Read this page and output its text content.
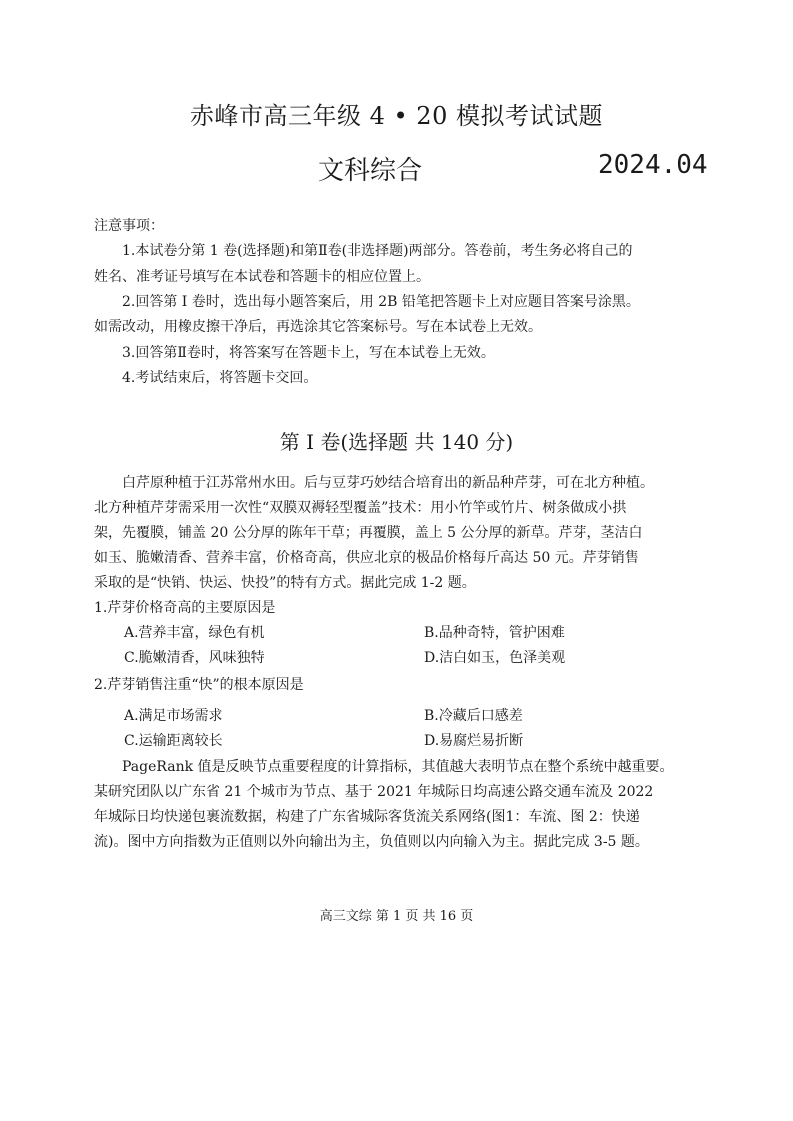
赤峰市高三年级 4 • 20 模拟考试试题
文科综合	2024.04
注意事项：
1.本试卷分第 1 卷(选择题)和第Ⅱ卷(非选择题)两部分。答卷前，考生务必将自己的
姓名、准考证号填写在本试卷和答题卡的相应位置上。
2.回答第 I 卷时，选出每小题答案后，用 2B 铅笔把答题卡上对应题目答案号涂黑。
如需改动，用橡皮擦干净后，再选涂其它答案标号。写在本试卷上无效。
3.回答第Ⅱ卷时，将答案写在答题卡上，写在本试卷上无效。
4.考试结束后，将答题卡交回。
第 I 卷(选择题 共 140 分)
白芹原种植于江苏常州水田。后与豆芽巧妙结合培育出的新品种芹芽，可在北方种植。
北方种植芹芽需采用一次性“双膜双褥轻型覆盖”技术：用小竹竿或竹片、树条做成小拱
架，先覆膜，铺盖 20 公分厚的陈年干草；再覆膜，盖上 5 公分厚的新草。芹芽，茎洁白
如玉、脆嫩清香、营养丰富，价格奇高，供应北京的极品价格每斤高达 50 元。芹芽销售
采取的是“快销、快运、快投”的特有方式。据此完成 1-2 题。
1.芹芽价格奇高的主要原因是
A.营养丰富，绿色有机	B.品种奇特，管护困难
C.脆嫩清香，风味独特	D.洁白如玉，色泽美观
2.芹芽销售注重“快”的根本原因是
A.满足市场需求	B.冷藏后口感差
C.运输距离较长	D.易腐烂易折断
PageRank 值是反映节点重要程度的计算指标，其值越大表明节点在整个系统中越重要。
某研究团队以广东省 21 个城市为节点、基于 2021 年城际日均高速公路交通车流及 2022
年城际日均快递包裹流数据，构建了广东省城际客货流关系网络(图1：车流、图 2：快递
流)。图中方向指数为正值则以外向输出为主，负值则以内向输入为主。据此完成 3-5 题。
高三文综 第 1 页 共 16 页
